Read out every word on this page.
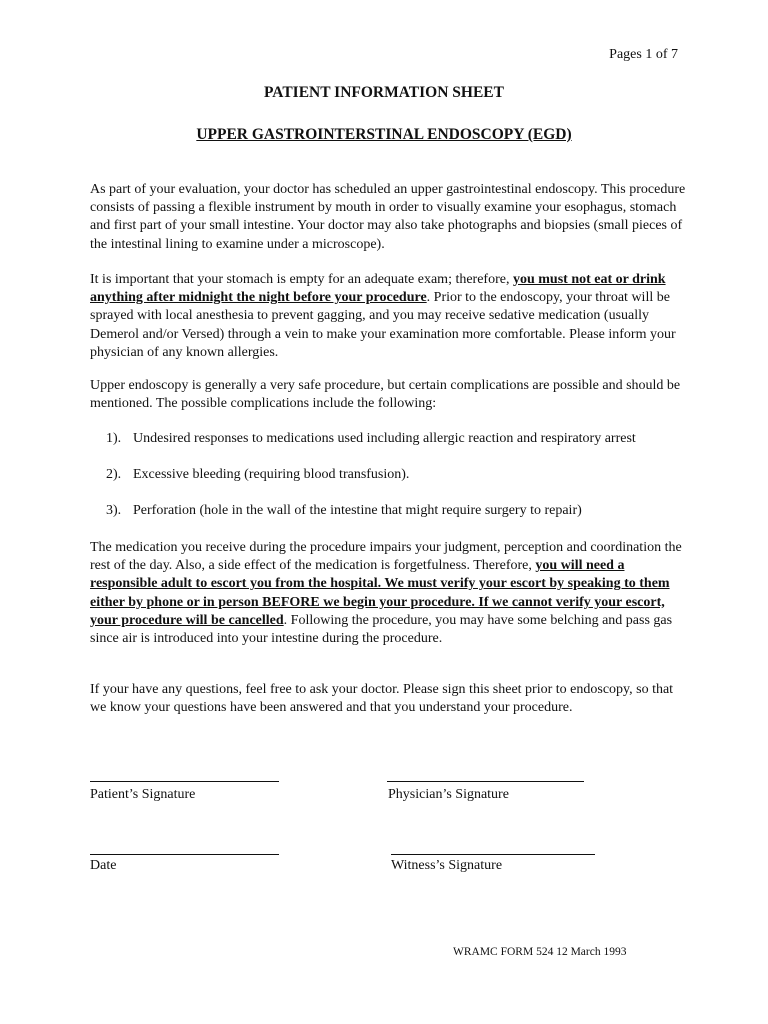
Pages 1 of 7
PATIENT INFORMATION SHEET
UPPER GASTROINTERSTINAL ENDOSCOPY (EGD)
As part of your evaluation, your doctor has scheduled an upper gastrointestinal endoscopy. This procedure consists of passing a flexible instrument by mouth in order to visually examine your esophagus, stomach and first part of your small intestine. Your doctor may also take photographs and biopsies (small pieces of the intestinal lining to examine under a microscope).
It is important that your stomach is empty for an adequate exam; therefore, you must not eat or drink anything after midnight the night before your procedure. Prior to the endoscopy, your throat will be sprayed with local anesthesia to prevent gagging, and you may receive sedative medication (usually Demerol and/or Versed) through a vein to make your examination more comfortable. Please inform your physician of any known allergies.
Upper endoscopy is generally a very safe procedure, but certain complications are possible and should be mentioned. The possible complications include the following:
1). Undesired responses to medications used including allergic reaction and respiratory arrest
2). Excessive bleeding (requiring blood transfusion).
3). Perforation (hole in the wall of the intestine that might require surgery to repair)
The medication you receive during the procedure impairs your judgment, perception and coordination the rest of the day. Also, a side effect of the medication is forgetfulness. Therefore, you will need a responsible adult to escort you from the hospital. We must verify your escort by speaking to them either by phone or in person BEFORE we begin your procedure. If we cannot verify your escort, your procedure will be cancelled. Following the procedure, you may have some belching and pass gas since air is introduced into your intestine during the procedure.
If your have any questions, feel free to ask your doctor. Please sign this sheet prior to endoscopy, so that we know your questions have been answered and that you understand your procedure.
Patient’s Signature	Physician’s Signature
Date	Witness’s Signature
WRAMC FORM 524 12 March 1993
